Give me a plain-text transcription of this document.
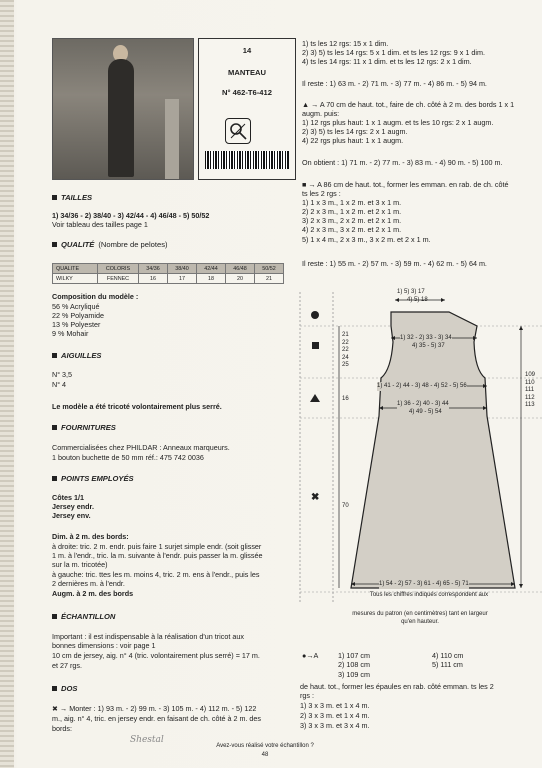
14
MANTEAU
N° 462-T6-412
TAILLES
1) 34/36 - 2) 38/40 - 3) 42/44 - 4) 46/48 - 5) 50/52
Voir tableau des tailles page 1
QUALITÉ (Nombre de pelotes)
QUALITE	COLORIS	34/36	38/40	42/44	46/48	50/52
WILKY	FENNEC	16	17	18	20	21
Composition du modèle :
56 % Acryliqué
22 % Polyamide
13 % Polyester
9 % Mohair
AIGUILLES
N° 3,5
N° 4
Le modèle a été tricoté volontairement plus serré.
FOURNITURES
Commercialisées chez PHILDAR : Anneaux marqueurs.
1 bouton buchette de 50 mm réf.: 475 742 0036
POINTS EMPLOYÉS
Côtes 1/1
Jersey endr.
Jersey env.
Dim. à 2 m. des bords:
à droite: tric. 2 m. endr. puis faire 1 surjet simple endr. (soit glisser
1 m. à l'endr., tric. la m. suivante à l'endr. puis passer la m. glissée
sur la m. tricotée)
à gauche: tric. ttes les m. moins 4, tric. 2 m. ens à l'endr., puis les
2 dernières m. à l'endr.
Augm. à 2 m. des bords
ÉCHANTILLON
Important : il est indispensable à la réalisation d'un tricot aux
bonnes dimensions : voir page 1
10 cm de jersey, aig. n° 4 (tric. volontairement plus serré) = 17 m.
et 27 rgs.
DOS
✖ → Monter : 1) 93 m. - 2) 99 m. - 3) 105 m. - 4) 112 m. - 5) 122
m., aig. n° 4, tric. en jersey endr. en faisant de ch. côté à 2 m. des
bords:
1) ts les 12 rgs: 15 x 1 dim.
2) 3) 5) ts les 14 rgs: 5 x 1 dim. et ts les 12 rgs: 9 x 1 dim.
4) ts les 14 rgs: 11 x 1 dim. et ts les 12 rgs: 2 x 1 dim.
Il reste : 1) 63 m. - 2) 71 m. - 3) 77 m. - 4) 86 m. - 5) 94 m.
▲ → A 70 cm de haut. tot., faire de ch. côté à 2 m. des bords 1 x 1
augm. puis:
1) 12 rgs plus haut: 1 x 1 augm. et ts les 10 rgs: 2 x 1 augm.
2) 3) 5) ts les 14 rgs: 2 x 1 augm.
4) 22 rgs plus haut: 1 x 1 augm.
On obtient : 1) 71 m. - 2) 77 m. - 3) 83 m. - 4) 90 m. - 5) 100 m.
■ → A 86 cm de haut. tot., former les emman. en rab. de ch. côté
ts les 2 rgs :
1) 1 x 3 m., 1 x 2 m. et 3 x 1 m.
2) 2 x 3 m., 1 x 2 m. et 2 x 1 m.
3) 2 x 3 m., 2 x 2 m. et 2 x 1 m.
4) 2 x 3 m., 3 x 2 m. et 2 x 1 m.
5) 1 x 4 m., 2 x 3 m., 3 x 2 m. et 2 x 1 m.
Il reste : 1) 55 m. - 2) 57 m. - 3) 59 m. - 4) 62 m. - 5) 64 m.
✖
1) 5) 3) 17
4) 5) 18
1) 32 - 2) 33 - 3) 34
4) 35 - 5) 37
21
22
22
24
25
1) 41 - 2) 44 - 3) 48 - 4) 52 - 5) 56
1) 36 - 2) 40 - 3) 44
4) 49 - 5) 54
16
70
109
110
111
112
113
1) 54 - 2) 57 - 3) 61 - 4) 65 - 5) 71
Tous les chiffres indiqués correspondent aux
mesures du patron (en centimètres) tant en largeur
qu'en hauteur.
●→A	1) 107 cm
2) 108 cm
3) 109 cm
4) 110 cm
5) 111 cm
de haut. tot., former les épaules en rab. côté emman. ts les 2
rgs :
1) 3 x 3 m. et 1 x 4 m.
2) 3 x 3 m. et 1 x 4 m.
3) 3 x 3 m. et 3 x 4 m.
Shestal
Avez-vous réalisé votre échantillon ?
48
